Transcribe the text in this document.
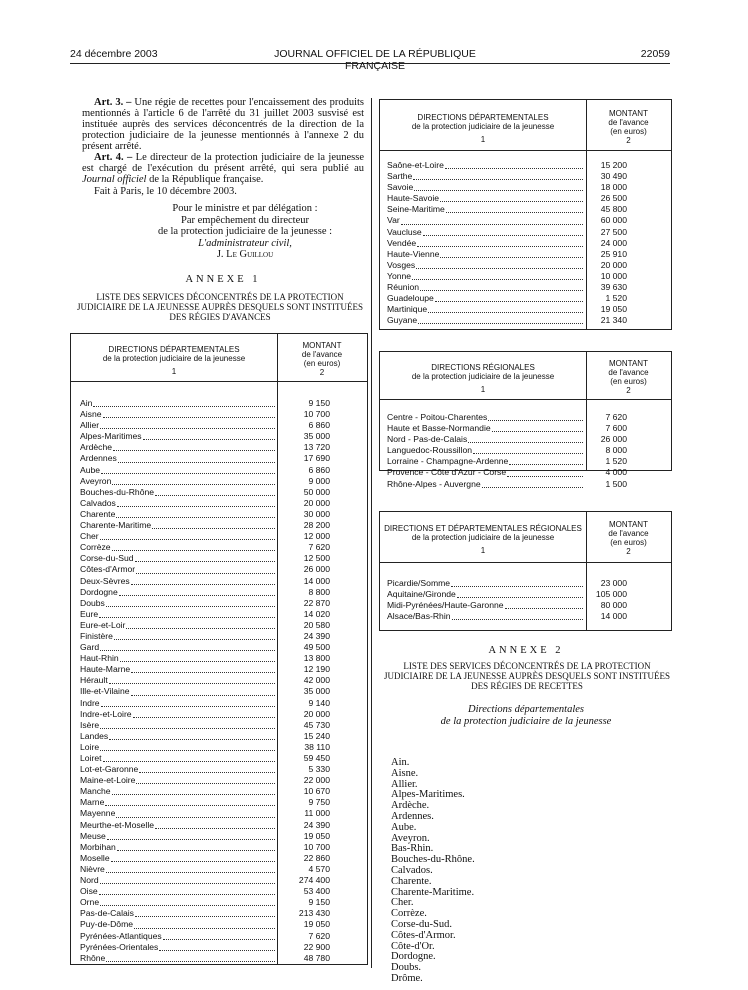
24 décembre 2003	JOURNAL OFFICIEL DE LA RÉPUBLIQUE FRANÇAISE
22059
Art. 3. – Une régie de recettes pour l'encaissement des produits mentionnés à l'article 6 de l'arrêté du 31 juillet 2003 susvisé est instituée auprès des services déconcentrés de la direction de la protection judiciaire de la jeunesse mentionnés à l'annexe 2 du présent arrêté.
Art. 4. – Le directeur de la protection judiciaire de la jeunesse est chargé de l'exécution du présent arrêté, qui sera publié au Journal officiel de la République française.
Fait à Paris, le 10 décembre 2003.
Pour le ministre et par délégation :
Par empêchement du directeur
de la protection judiciaire de la jeunesse :
L'administrateur civil,
J. Le Guillou
ANNEXE 1
LISTE DES SERVICES DÉCONCENTRÉS DE LA PROTECTION JUDICIAIRE DE LA JEUNESSE AUPRÈS DESQUELS SONT INSTITUÉES DES RÉGIES D'AVANCES
DIRECTIONS DÉPARTEMENTALES
de la protection judiciaire de la jeunesse
1
MONTANT
de l'avance
(en euros)
2
Ain	9 150
Aisne	10 700
Allier	6 860
Alpes-Maritimes	35 000
Ardèche	13 720
Ardennes	17 690
Aube	6 860
Aveyron	9 000
Bouches-du-Rhône	50 000
Calvados	20 000
Charente	30 000
Charente-Maritime	28 200
Cher	12 000
Corrèze	7 620
Corse-du-Sud	12 500
Côtes-d'Armor	26 000
Deux-Sèvres	14 000
Dordogne	8 800
Doubs	22 870
Eure	14 020
Eure-et-Loir	20 580
Finistère	24 390
Gard	49 500
Haut-Rhin	13 800
Haute-Marne	12 190
Hérault	42 000
Ille-et-Vilaine	35 000
Indre	9 140
Indre-et-Loire	20 000
Isère	45 730
Landes	15 240
Loire	38 110
Loiret	59 450
Lot-et-Garonne	5 330
Maine-et-Loire	22 000
Manche	10 670
Marne	9 750
Mayenne	11 000
Meurthe-et-Moselle	24 390
Meuse	19 050
Morbihan	10 700
Moselle	22 860
Nièvre	4 570
Nord	274 400
Oise	53 400
Orne	9 150
Pas-de-Calais	213 430
Puy-de-Dôme	19 050
Pyrénées-Atlantiques	7 620
Pyrénées-Orientales	22 900
Rhône	48 780
DIRECTIONS DÉPARTEMENTALES
de la protection judiciaire de la jeunesse
1
MONTANT
de l'avance
(en euros)
2
Saône-et-Loire	15 200
Sarthe	30 490
Savoie	18 000
Haute-Savoie	26 500
Seine-Maritime	45 800
Var	60 000
Vaucluse	27 500
Vendée	24 000
Haute-Vienne	25 910
Vosges	20 000
Yonne	10 000
Réunion	39 630
Guadeloupe	1 520
Martinique	19 050
Guyane	21 340
DIRECTIONS RÉGIONALES
de la protection judiciaire de la jeunesse
1
MONTANT
de l'avance
(en euros)
2
Centre - Poitou-Charentes	7 620
Haute et Basse-Normandie	7 600
Nord - Pas-de-Calais	26 000
Languedoc-Roussillon	8 000
Lorraine - Champagne-Ardenne	1 520
Provence - Côte d'Azur - Corse	4 000
Rhône-Alpes - Auvergne	1 500
DIRECTIONS ET DÉPARTEMENTALES RÉGIONALES
de la protection judiciaire de la jeunesse
1
MONTANT
de l'avance
(en euros)
2
Picardie/Somme	23 000
Aquitaine/Gironde	105 000
Midi-Pyrénées/Haute-Garonne	80 000
Alsace/Bas-Rhin	14 000
ANNEXE 2
LISTE DES SERVICES DÉCONCENTRÉS DE LA PROTECTION JUDICIAIRE DE LA JEUNESSE AUPRÈS DESQUELS SONT INSTITUÉES DES RÉGIES DE RECETTES
Directions départementales
de la protection judiciaire de la jeunesse
Ain.
Aisne.
Allier.
Alpes-Maritimes.
Ardèche.
Ardennes.
Aube.
Aveyron.
Bas-Rhin.
Bouches-du-Rhône.
Calvados.
Charente.
Charente-Maritime.
Cher.
Corrèze.
Corse-du-Sud.
Côtes-d'Armor.
Côte-d'Or.
Dordogne.
Doubs.
Drôme.
